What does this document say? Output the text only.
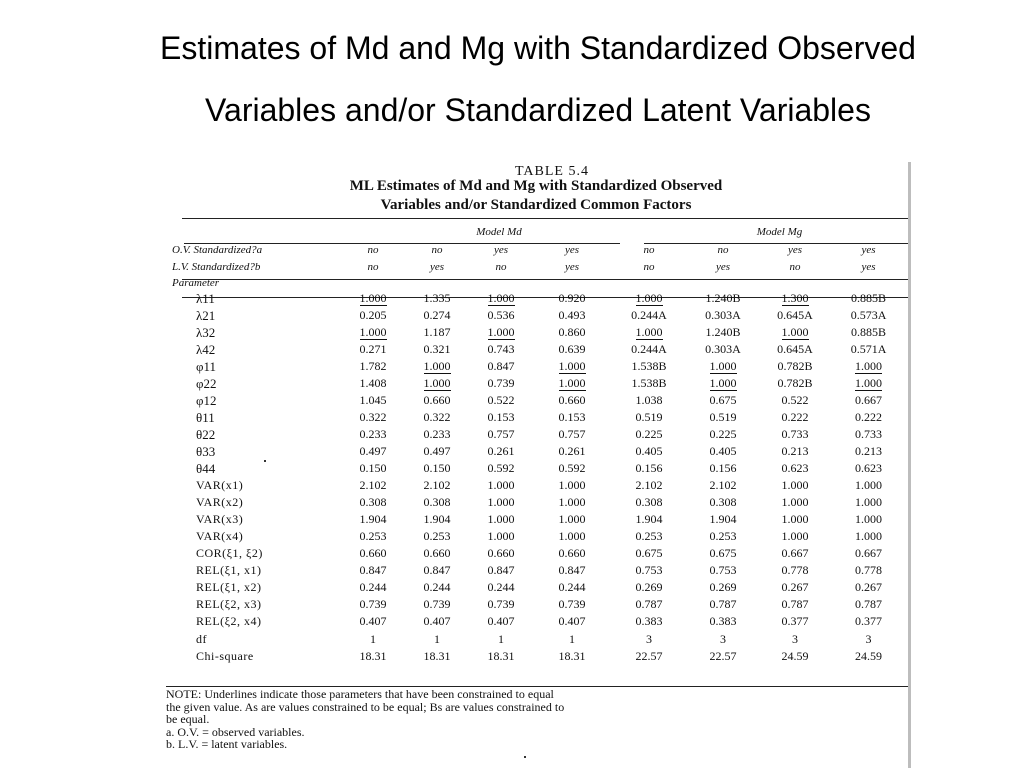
Estimates of Md and Mg with Standardized Observed
Variables and/or Standardized Latent Variables
TABLE 5.4
ML Estimates of Md and Mg with Standardized Observed
Variables and/or Standardized Common Factors
	Model Md				Model Mg			
O.V. Standardized?a	no	no	yes	yes	no	no	yes	yes
L.V. Standardized?b	no	yes	no	yes	no	yes	no	yes
Parameter								
λ11	1.000	1.335	1.000	0.920	1.000	1.240B	1.300	0.885B
λ21	0.205	0.274	0.536	0.493	0.244A	0.303A	0.645A	0.573A
λ32	1.000	1.187	1.000	0.860	1.000	1.240B	1.000	0.885B
λ42	0.271	0.321	0.743	0.639	0.244A	0.303A	0.645A	0.571A
φ11	1.782	1.000	0.847	1.000	1.538B	1.000	0.782B	1.000
φ22	1.408	1.000	0.739	1.000	1.538B	1.000	0.782B	1.000
φ12	1.045	0.660	0.522	0.660	1.038	0.675	0.522	0.667
θ11	0.322	0.322	0.153	0.153	0.519	0.519	0.222	0.222
θ22	0.233	0.233	0.757	0.757	0.225	0.225	0.733	0.733
θ33	0.497	0.497	0.261	0.261	0.405	0.405	0.213	0.213
θ44	0.150	0.150	0.592	0.592	0.156	0.156	0.623	0.623
VAR(x1)	2.102	2.102	1.000	1.000	2.102	2.102	1.000	1.000
VAR(x2)	0.308	0.308	1.000	1.000	0.308	0.308	1.000	1.000
VAR(x3)	1.904	1.904	1.000	1.000	1.904	1.904	1.000	1.000
VAR(x4)	0.253	0.253	1.000	1.000	0.253	0.253	1.000	1.000
COR(ξ1, ξ2)	0.660	0.660	0.660	0.660	0.675	0.675	0.667	0.667
REL(ξ1, x1)	0.847	0.847	0.847	0.847	0.753	0.753	0.778	0.778
REL(ξ1, x2)	0.244	0.244	0.244	0.244	0.269	0.269	0.267	0.267
REL(ξ2, x3)	0.739	0.739	0.739	0.739	0.787	0.787	0.787	0.787
REL(ξ2, x4)	0.407	0.407	0.407	0.407	0.383	0.383	0.377	0.377
df	1	1	1	1	3	3	3	3
Chi-square	18.31	18.31	18.31	18.31	22.57	22.57	24.59	24.59
NOTE: Underlines indicate those parameters that have been constrained to equal
the given value. As are values constrained to be equal; Bs are values constrained to
be equal.
a. O.V. = observed variables.
b. L.V. = latent variables.
